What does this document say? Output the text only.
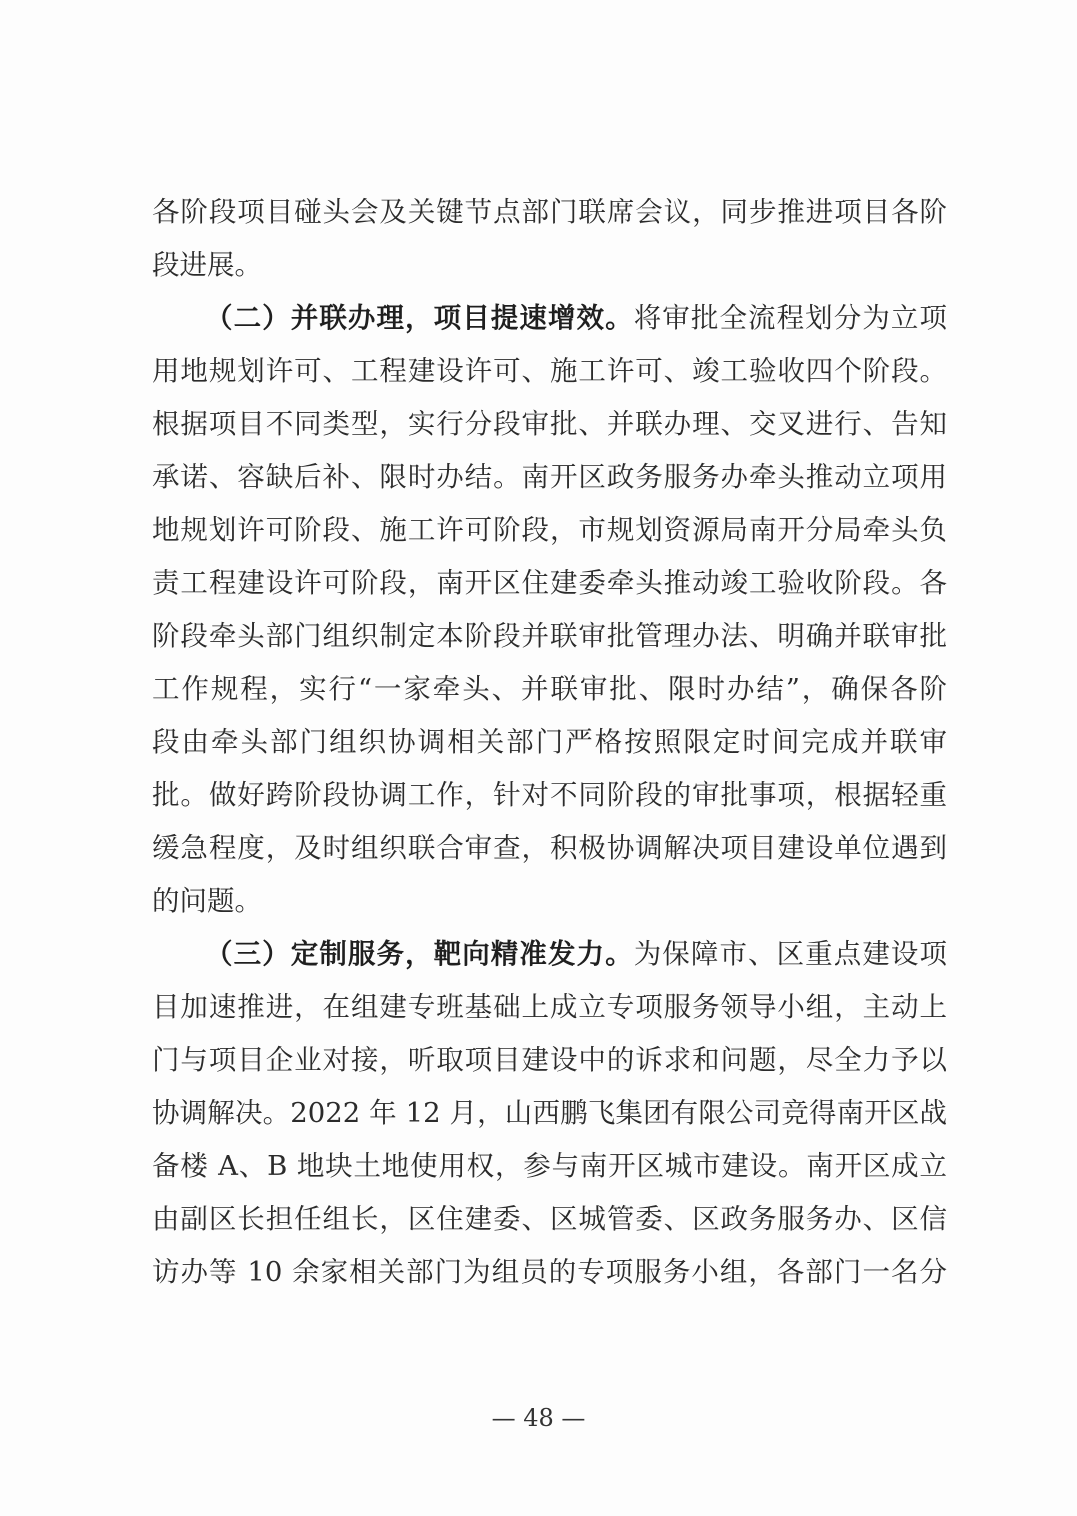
各阶段项目碰头会及关键节点部门联席会议，同步推进项目各阶
段进展。
（二）并联办理，项目提速增效。将审批全流程划分为立项
用地规划许可、工程建设许可、施工许可、竣工验收四个阶段。
根据项目不同类型，实行分段审批、并联办理、交叉进行、告知
承诺、容缺后补、限时办结。南开区政务服务办牵头推动立项用
地规划许可阶段、施工许可阶段，市规划资源局南开分局牵头负
责工程建设许可阶段，南开区住建委牵头推动竣工验收阶段。各
阶段牵头部门组织制定本阶段并联审批管理办法、明确并联审批
工作规程，实行“一家牵头、并联审批、限时办结”，确保各阶
段由牵头部门组织协调相关部门严格按照限定时间完成并联审
批。做好跨阶段协调工作，针对不同阶段的审批事项，根据轻重
缓急程度，及时组织联合审查，积极协调解决项目建设单位遇到
的问题。
（三）定制服务，靶向精准发力。为保障市、区重点建设项
目加速推进，在组建专班基础上成立专项服务领导小组，主动上
门与项目企业对接，听取项目建设中的诉求和问题，尽全力予以
协调解决。2022 年 12 月，山西鹏飞集团有限公司竞得南开区战
备楼 A、B 地块土地使用权，参与南开区城市建设。南开区成立
由副区长担任组长，区住建委、区城管委、区政务服务办、区信
访办等 10 余家相关部门为组员的专项服务小组，各部门一名分
— 48 —
